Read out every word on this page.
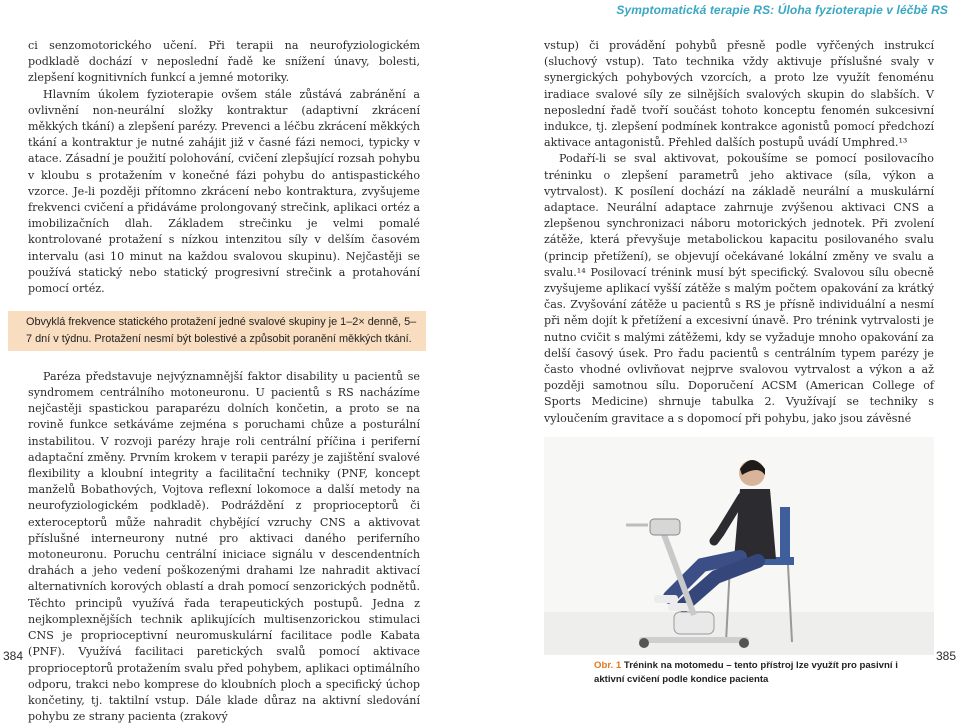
Symptomatická terapie RS: Úloha fyzioterapie v léčbě RS

ci senzomotorického učení. Při terapii na neurofyziologickém podkladě dochází v neposlední řadě ke snížení únavy, bolesti, zlepšení kognitivních funkcí a jemné motoriky.

Hlavním úkolem fyzioterapie ovšem stále zůstává zabránění a ovlivnění non-neurální složky kontraktur (adaptivní zkrácení měkkých tkání) a zlepšení parézy. Prevenci a léčbu zkrácení měkkých tkání a kontraktur je nutné zahájit již v časné fázi nemoci, typicky v atace. Zásadní je použití polohování, cvičení zlepšující rozsah pohybu v kloubu s protažením v konečné fázi pohybu do antispastického vzorce. Je-li později přítomno zkrácení nebo kontraktura, zvyšujeme frekvenci cvičení a přidáváme prolongovaný strečink, aplikaci ortéz a imobilizačních dlah. Základem strečinku je velmi pomalé kontrolované protažení s nízkou intenzitou síly v delším časovém intervalu (asi 10 minut na každou svalovou skupinu). Nejčastěji se používá statický nebo statický progresivní strečink a protahování pomocí ortéz.

Obvyklá frekvence statického protažení jedné svalové skupiny je 1–2× denně, 5–7 dní v týdnu. Protažení nesmí být bolestivé a způsobit poranění měkkých tkání.

Paréza představuje nejvýznamnější faktor disability u pacientů se syndromem centrálního motoneuronu. U pacientů s RS nacházíme nejčastěji spastickou paraparézu dolních končetin, a proto se na rovině funkce setkáváme zejména s poruchami chůze a posturální instabilitou. V rozvoji parézy hraje roli centrální příčina i periferní adaptační změny. Prvním krokem v terapii parézy je zajištění svalové flexibility a kloubní integrity a facilitační techniky (PNF, koncept manželů Bobathových, Vojtova reflexní lokomoce a další metody na neurofyziologickém podkladě). Podráždění z proprioceptorů či exteroceptorů může nahradit chybějící vzruchy CNS a aktivovat příslušné interneurony nutné pro aktivaci daného periferního motoneuronu. Poruchu centrální iniciace signálu v descendentních drahách a jeho vedení poškozenými drahami lze nahradit aktivací alternativních korových oblastí a drah pomocí senzorických podnětů. Těchto principů využívá řada terapeutických postupů. Jedna z nejkomplexnějších technik aplikujících multisenzorickou stimulaci CNS je proprioceptivní neuromuskulární facilitace podle Kabata (PNF). Využívá facilitaci paretických svalů pomocí aktivace proprioceptorů protažením svalu před pohybem, aplikaci optimálního odporu, trakci nebo komprese do kloubních ploch a specifický úchop končetiny, tj. taktilní vstup. Dále klade důraz na aktivní sledování pohybu ze strany pacienta (zrakový

vstup) či provádění pohybů přesně podle vyřčených instrukcí (sluchový vstup). Tato technika vždy aktivuje příslušné svaly v synergických pohybových vzorcích, a proto lze využít fenoménu iradiace svalové síly ze silnějších svalových skupin do slabších. V neposlední řadě tvoří součást tohoto konceptu fenomén sukcesivní indukce, tj. zlepšení podmínek kontrakce agonistů pomocí předchozí aktivace antagonistů. Přehled dalších postupů uvádí Umphred.¹³

Podaří-li se sval aktivovat, pokoušíme se pomocí posilovacího tréninku o zlepšení parametrů jeho aktivace (síla, výkon a vytrvalost). K posílení dochází na základě neurální a muskulární adaptace. Neurální adaptace zahrnuje zvýšenou aktivaci CNS a zlepšenou synchronizaci náboru motorických jednotek. Při zvolení zátěže, která převyšuje metabolickou kapacitu posilovaného svalu (princip přetížení), se objevují očekávané lokální změny ve svalu a svalu.¹⁴ Posilovací trénink musí být specifický. Svalovou sílu obecně zvyšujeme aplikací vyšší zátěže s malým počtem opakování za krátký čas. Zvyšování zátěže u pacientů s RS je přísně individuální a nesmí při něm dojít k přetížení a excesivní únavě. Pro trénink vytrvalosti je nutno cvičit s malými zátěžemi, kdy se vyžaduje mnoho opakování za delší časový úsek. Pro řadu pacientů s centrálním typem parézy je často vhodné ovlivňovat nejprve svalovou vytrvalost a výkon a až později samotnou sílu. Doporučení ACSM (American College of Sports Medicine) shrnuje tabulka 2. Využívají se techniky s vyloučením gravitace a s dopomocí při pohybu, jako jsou závěsné

Obr. 1 Trénink na motomedu – tento přístroj lze využít pro pasivní i aktivní cvičení podle kondice pacienta
384	385
